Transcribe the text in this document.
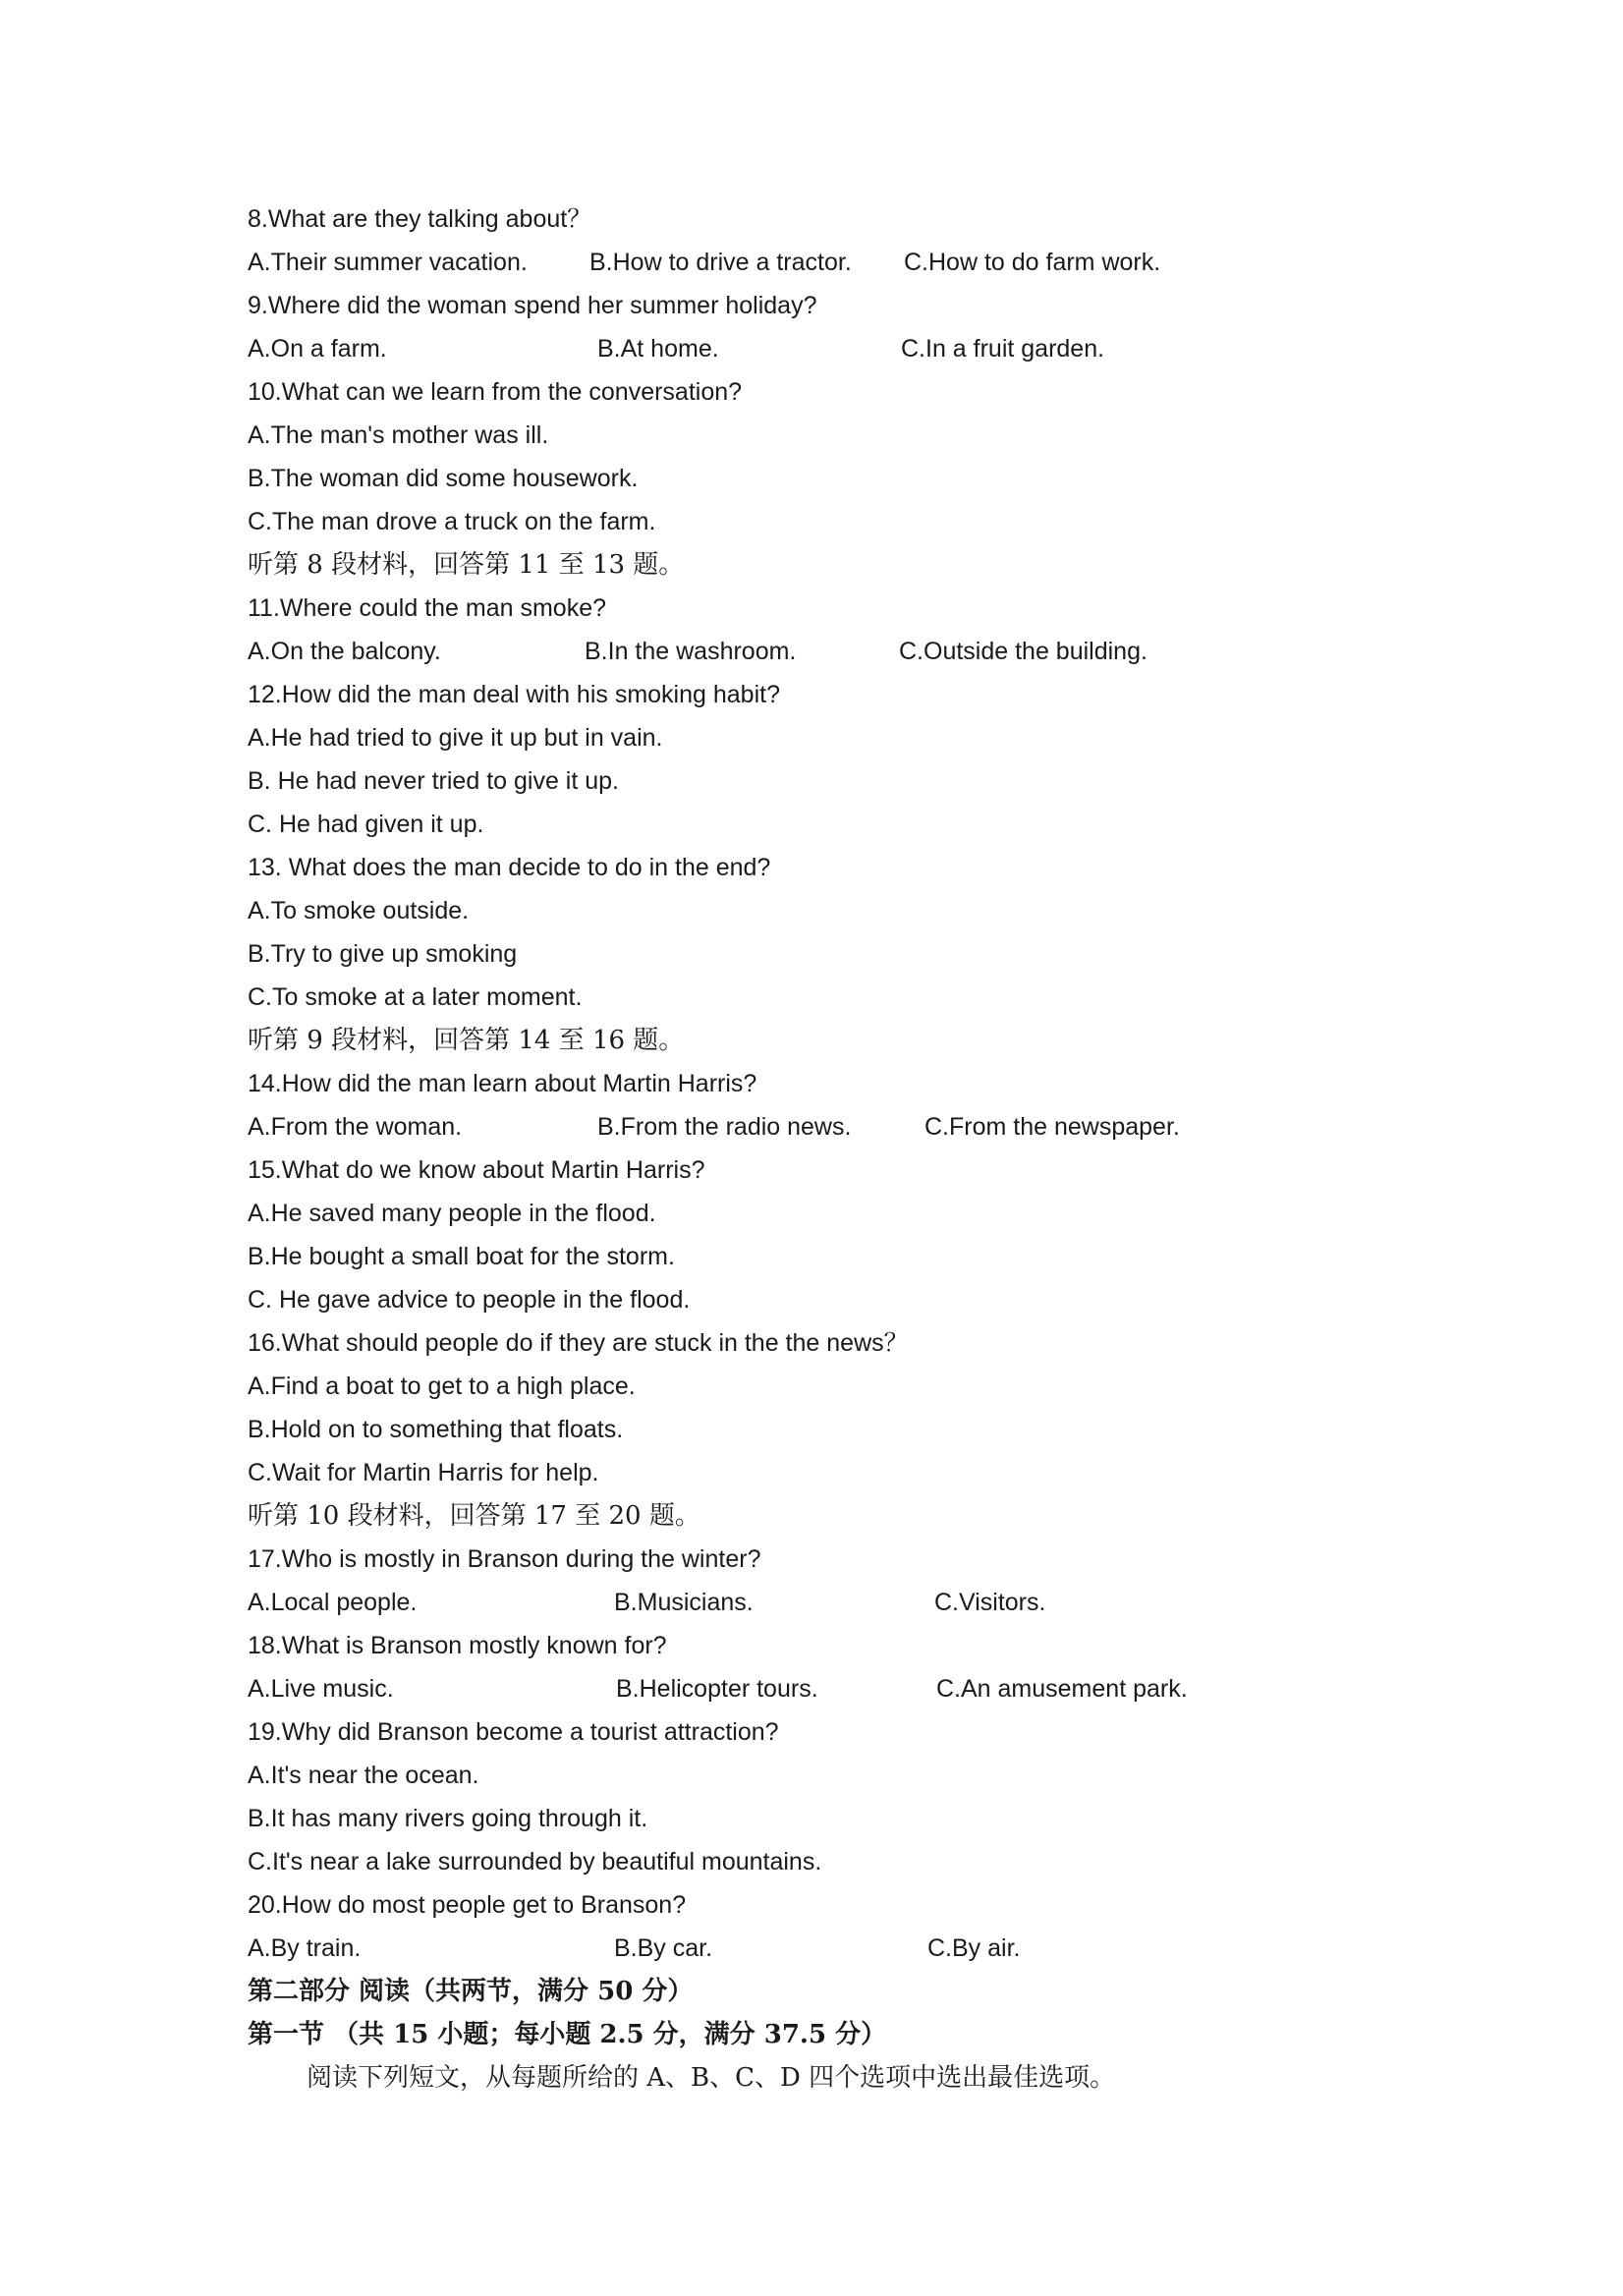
8.What are they talking about？
A.Their summer vacation.	B.How to drive a tractor. C.How to do farm work.
9.Where did the woman spend her summer holiday?
A.On a farm.	B.At home.	C.In a fruit garden.
10.What can we learn from the conversation?
A.The man's mother was ill.
B.The woman did some housework.
C.The man drove a truck on the farm.
听第 8 段材料，回答第 11 至 13 题。
11.Where could the man smoke?
A.On the balcony.	B.In the washroom.	C.Outside the building.
12.How did the man deal with his smoking habit?
A.He had tried to give it up but in vain.
B. He had never tried to give it up.
C. He had given it up.
13. What does the man decide to do in the end?
A.To smoke outside.
B.Try to give up smoking
C.To smoke at a later moment.
听第 9 段材料，回答第 14 至 16 题。
14.How did the man learn about Martin Harris?
A.From the woman.	B.From the radio news.	C.From the newspaper.
15.What do we know about Martin Harris?
A.He saved many people in the flood.
B.He bought a small boat for the storm.
C. He gave advice to people in the flood.
16.What should people do if they are stuck in the the news？
A.Find a boat to get to a high place.
B.Hold on to something that floats.
C.Wait for Martin Harris for help.
听第 10 段材料，回答第 17 至 20 题。
17.Who is mostly in Branson during the winter?
A.Local people.	B.Musicians.	C.Visitors.
18.What is Branson mostly known for?
A.Live music.	B.Helicopter tours.	C.An amusement park.
19.Why did Branson become a tourist attraction?
A.It's near the ocean.
B.It has many rivers going through it.
C.It's near a lake surrounded by beautiful mountains.
20.How do most people get to Branson?
A.By train.	B.By car.	C.By air.
第二部分 阅读（共两节，满分 50 分）
第一节 （共 15 小题；每小题 2.5 分，满分 37.5 分）
阅读下列短文，从每题所给的 A、B、C、D 四个选项中选出最佳选项。
